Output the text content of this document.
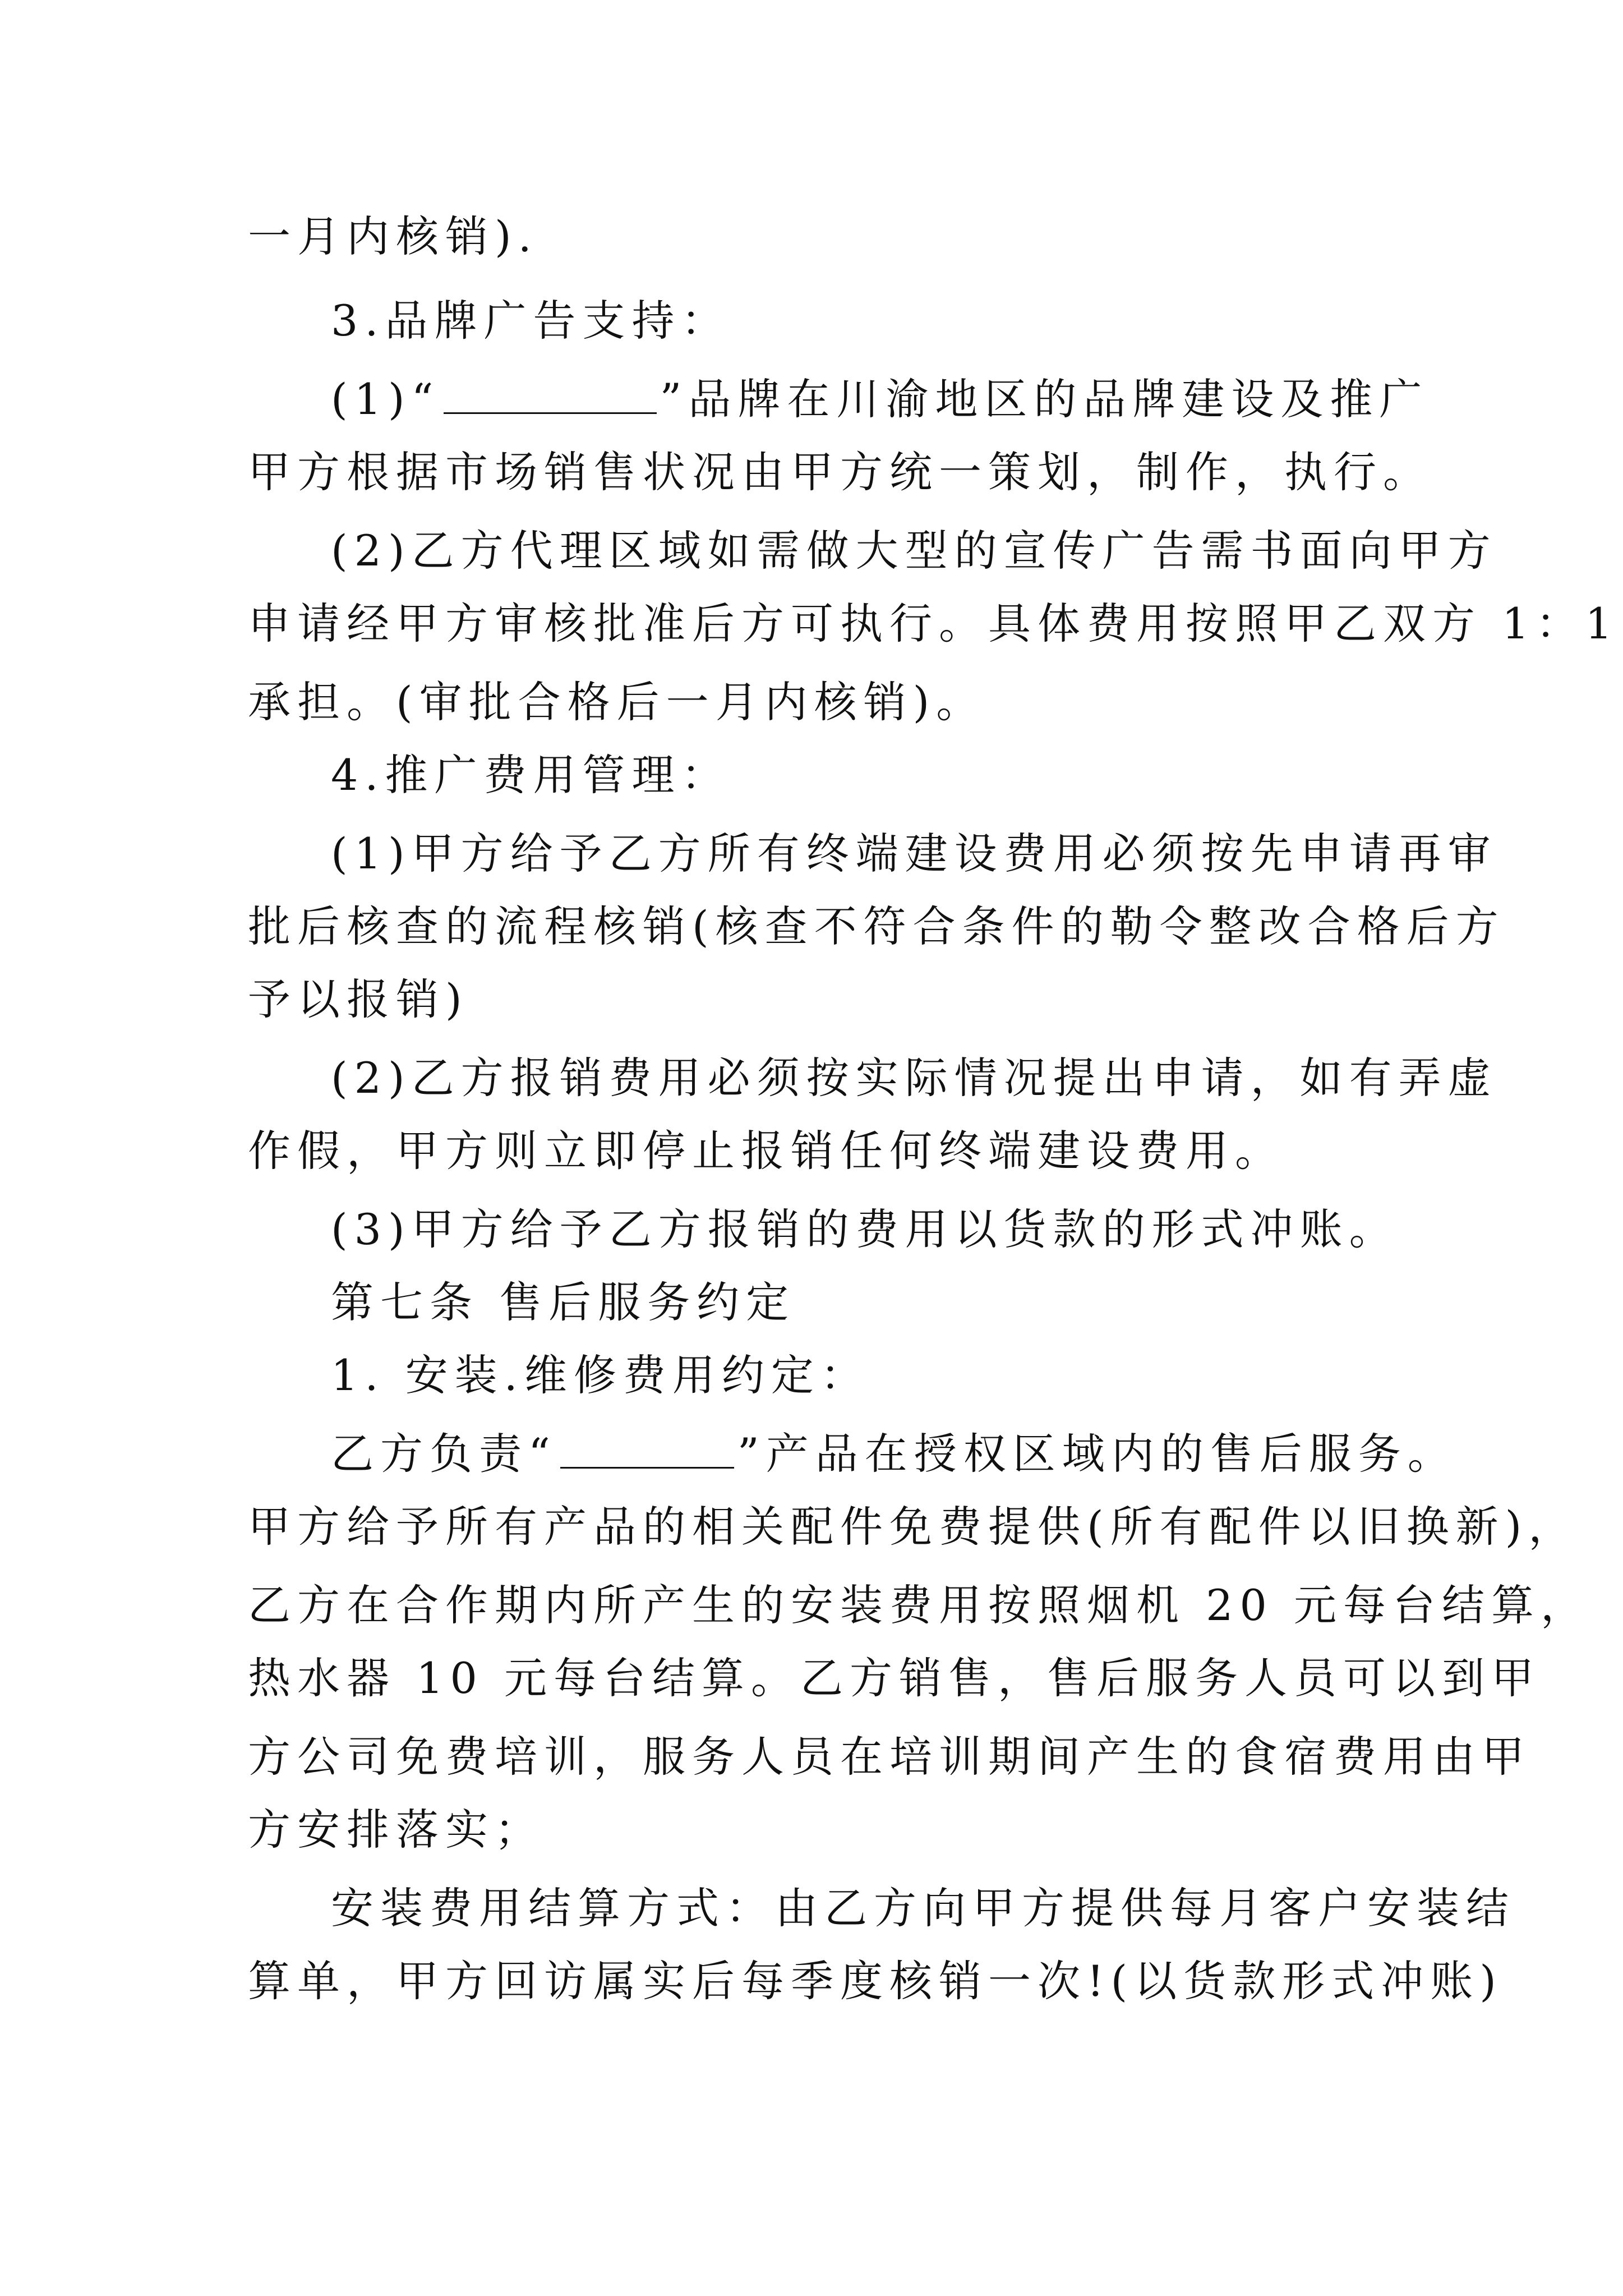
一月内核销).
3.品牌广告支持：
(1)“	”品牌在川渝地区的品牌建设及推广
甲方根据市场销售状况由甲方统一策划，制作，执行。
(2)乙方代理区域如需做大型的宣传广告需书面向甲方
申请经甲方审核批准后方可执行。具体费用按照甲乙双方 1：1
承担。(审批合格后一月内核销)。
4.推广费用管理：
(1)甲方给予乙方所有终端建设费用必须按先申请再审
批后核查的流程核销(核查不符合条件的勒令整改合格后方
予以报销)
(2)乙方报销费用必须按实际情况提出申请，如有弄虚
作假，甲方则立即停止报销任何终端建设费用。
(3)甲方给予乙方报销的费用以货款的形式冲账。
第七条 售后服务约定
1. 安装.维修费用约定：
乙方负责“	”产品在授权区域内的售后服务。
甲方给予所有产品的相关配件免费提供(所有配件以旧换新)，
乙方在合作期内所产生的安装费用按照烟机 20 元每台结算，
热水器 10 元每台结算。乙方销售，售后服务人员可以到甲
方公司免费培训，服务人员在培训期间产生的食宿费用由甲
方安排落实；
安装费用结算方式：由乙方向甲方提供每月客户安装结
算单，甲方回访属实后每季度核销一次!(以货款形式冲账)
